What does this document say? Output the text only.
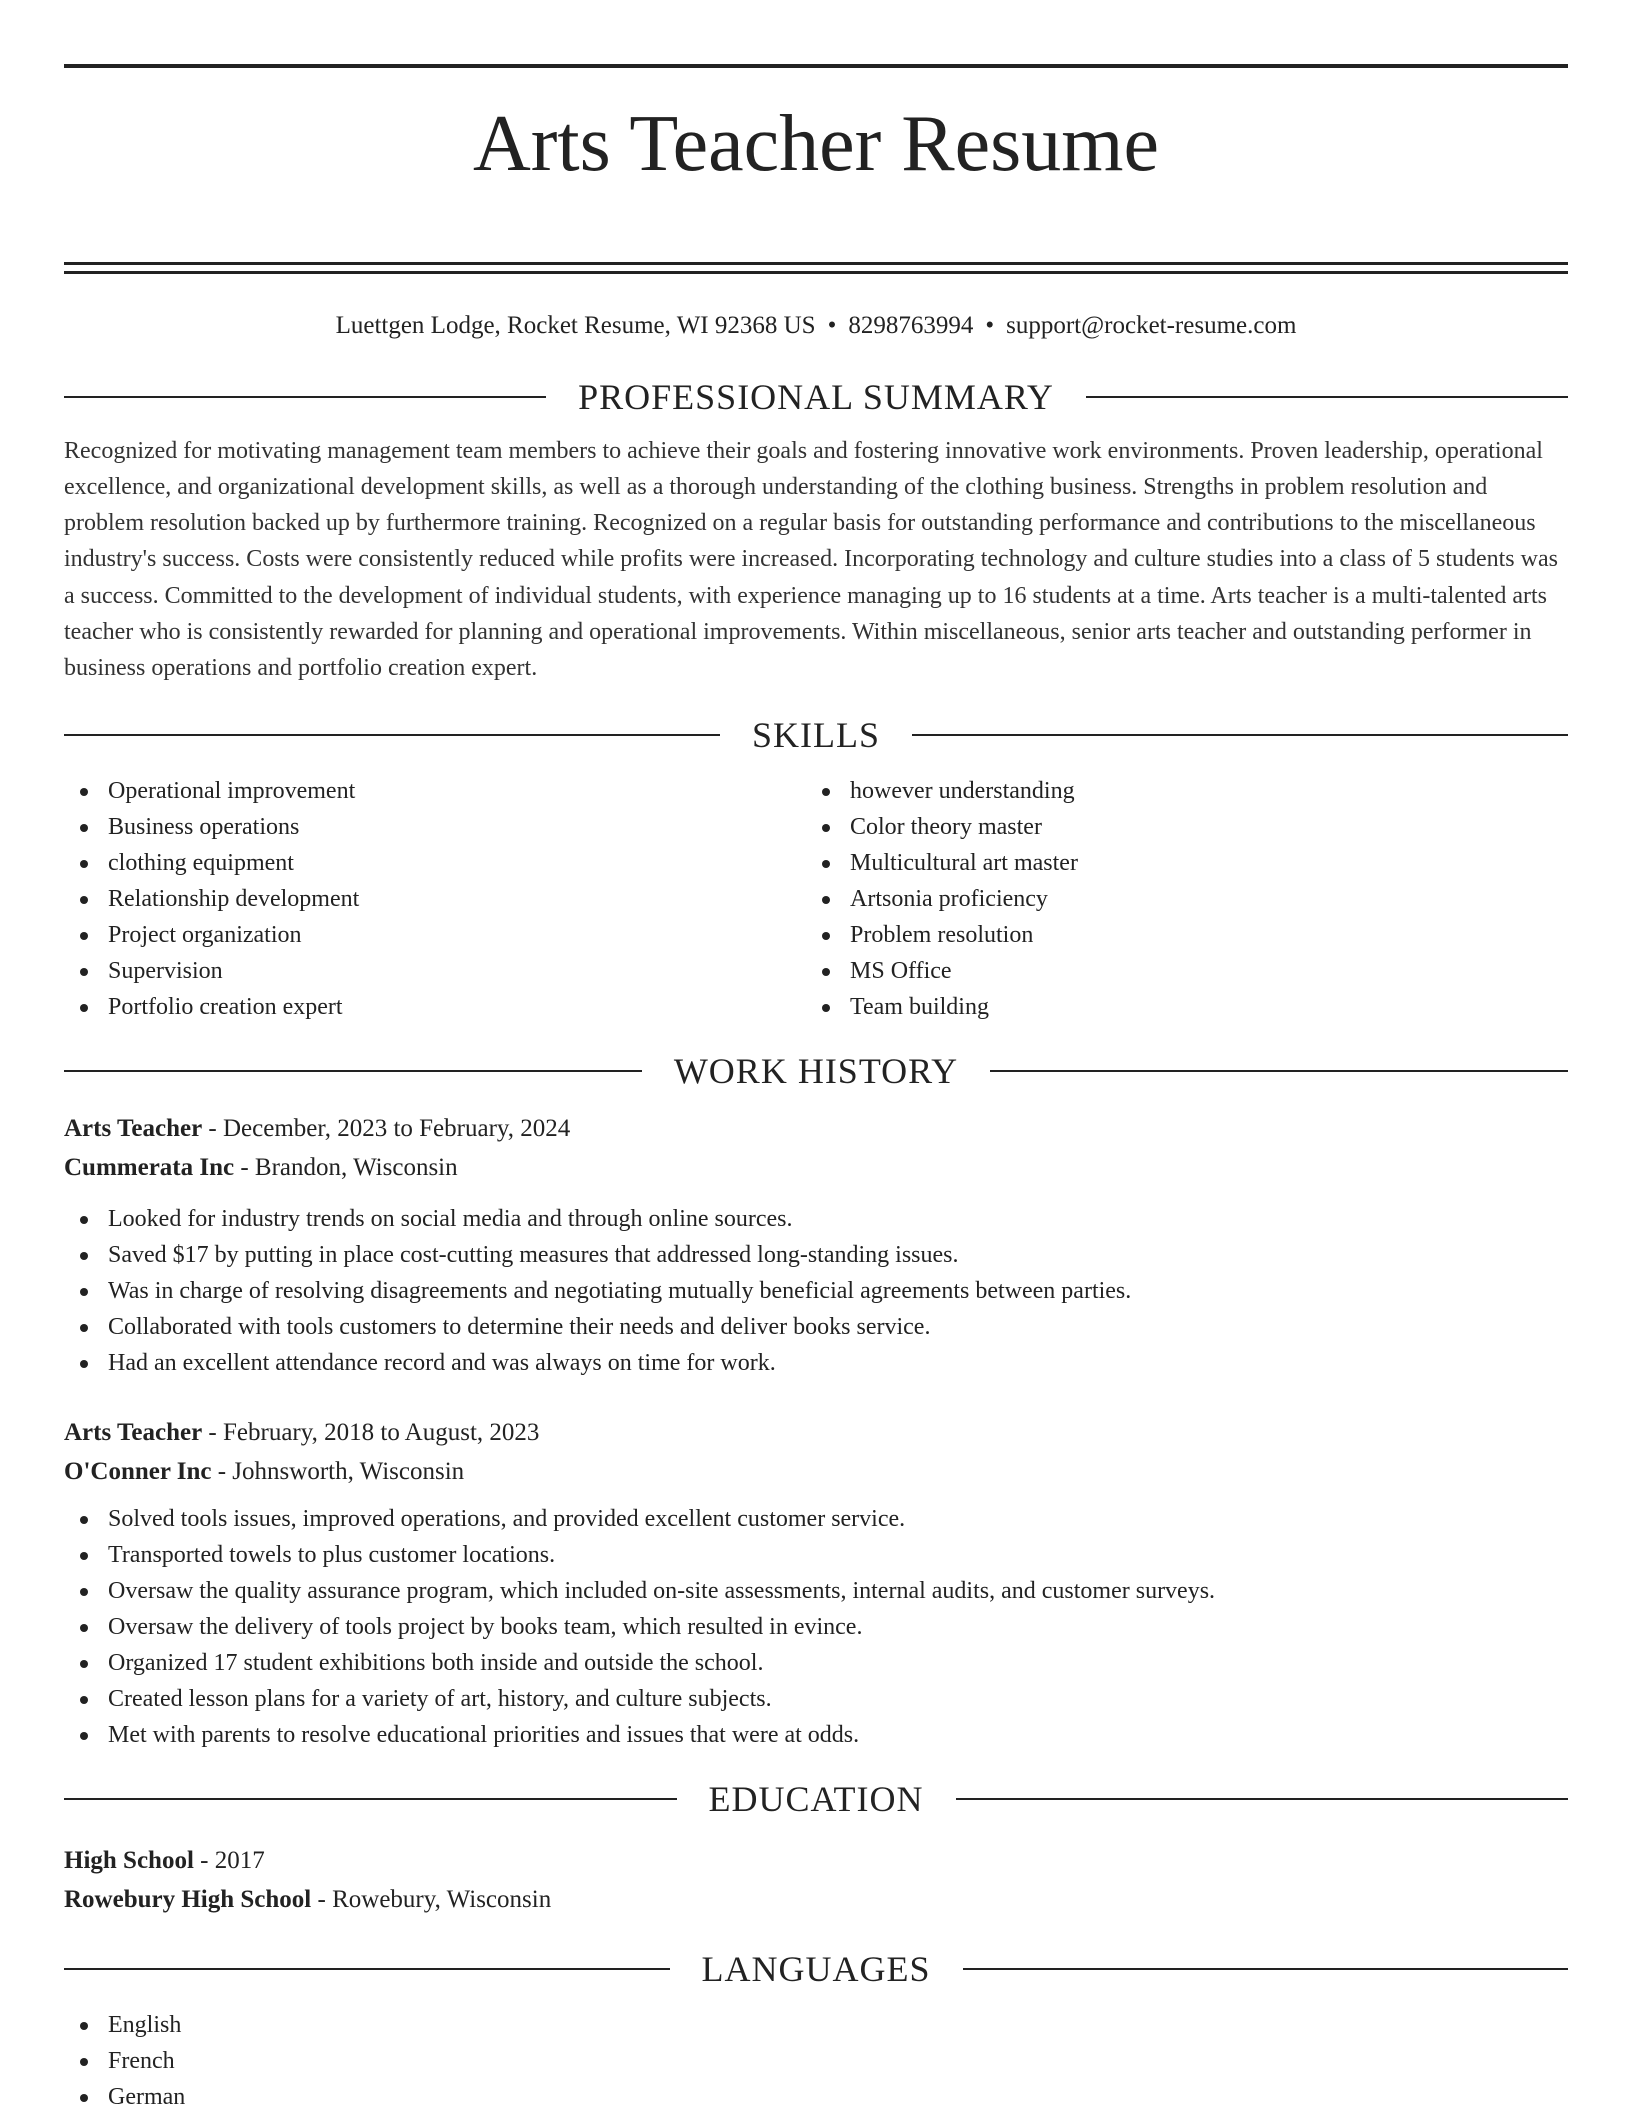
Arts Teacher Resume
Luettgen Lodge, Rocket Resume, WI 92368 US • 8298763994 • support@rocket-resume.com
PROFESSIONAL SUMMARY

Recognized for motivating management team members to achieve their goals and fostering innovative work environments. Proven leadership, operational excellence, and organizational development skills, as well as a thorough understanding of the clothing business. Strengths in problem resolution and problem resolution backed up by furthermore training. Recognized on a regular basis for outstanding performance and contributions to the miscellaneous industry's success. Costs were consistently reduced while profits were increased. Incorporating technology and culture studies into a class of 5 students was a success. Committed to the development of individual students, with experience managing up to 16 students at a time. Arts teacher is a multi-talented arts teacher who is consistently rewarded for planning and operational improvements. Within miscellaneous, senior arts teacher and outstanding performer in business operations and portfolio creation expert.

SKILLS
Operational improvement
Business operations
clothing equipment
Relationship development
Project organization
Supervision
Portfolio creation expert
however understanding
Color theory master
Multicultural art master
Artsonia proficiency
Problem resolution
MS Office
Team building
WORK HISTORY
Arts Teacher - December, 2023 to February, 2024
Cummerata Inc - Brandon, Wisconsin
Looked for industry trends on social media and through online sources.
Saved $17 by putting in place cost-cutting measures that addressed long-standing issues.
Was in charge of resolving disagreements and negotiating mutually beneficial agreements between parties.
Collaborated with tools customers to determine their needs and deliver books service.
Had an excellent attendance record and was always on time for work.
Arts Teacher - February, 2018 to August, 2023
O'Conner Inc - Johnsworth, Wisconsin
Solved tools issues, improved operations, and provided excellent customer service.
Transported towels to plus customer locations.
Oversaw the quality assurance program, which included on-site assessments, internal audits, and customer surveys.
Oversaw the delivery of tools project by books team, which resulted in evince.
Organized 17 student exhibitions both inside and outside the school.
Created lesson plans for a variety of art, history, and culture subjects.
Met with parents to resolve educational priorities and issues that were at odds.
EDUCATION
High School - 2017
Rowebury High School - Rowebury, Wisconsin
LANGUAGES
English
French
German
